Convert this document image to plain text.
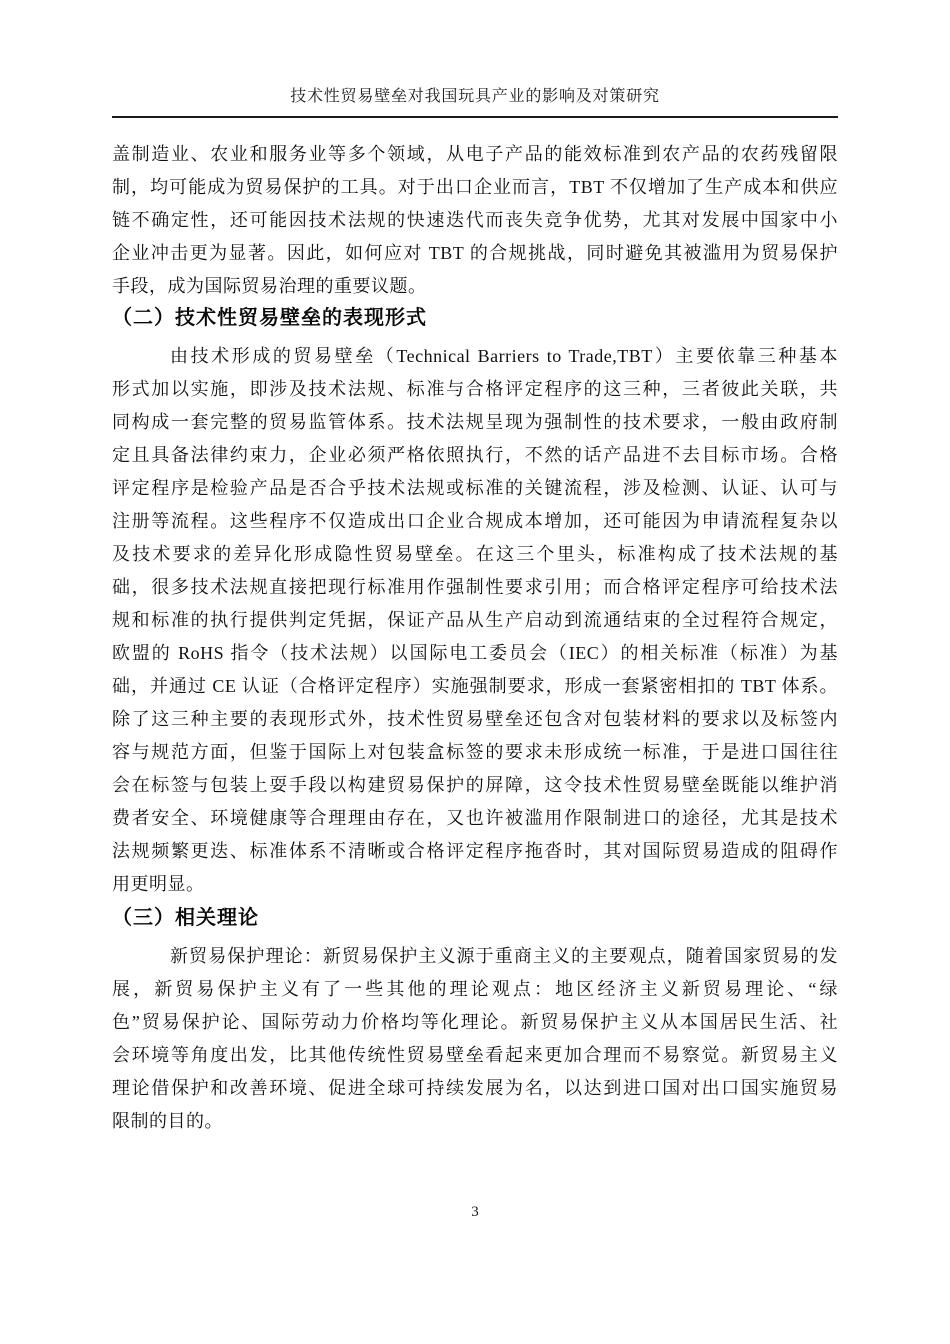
技术性贸易壁垒对我国玩具产业的影响及对策研究
盖制造业、农业和服务业等多个领域，从电子产品的能效标准到农产品的农药残留限
制，均可能成为贸易保护的工具。对于出口企业而言，TBT 不仅增加了生产成本和供应
链不确定性，还可能因技术法规的快速迭代而丧失竞争优势，尤其对发展中国家中小
企业冲击更为显著。因此，如何应对 TBT 的合规挑战，同时避免其被滥用为贸易保护
手段，成为国际贸易治理的重要议题。
（二）技术性贸易壁垒的表现形式
由技术形成的贸易壁垒（Technical Barriers to Trade,TBT）主要依靠三种基本
形式加以实施，即涉及技术法规、标准与合格评定程序的这三种，三者彼此关联，共
同构成一套完整的贸易监管体系。技术法规呈现为强制性的技术要求，一般由政府制
定且具备法律约束力，企业必须严格依照执行，不然的话产品进不去目标市场。合格
评定程序是检验产品是否合乎技术法规或标准的关键流程，涉及检测、认证、认可与
注册等流程。这些程序不仅造成出口企业合规成本增加，还可能因为申请流程复杂以
及技术要求的差异化形成隐性贸易壁垒。在这三个里头，标准构成了技术法规的基
础，很多技术法规直接把现行标准用作强制性要求引用；而合格评定程序可给技术法
规和标准的执行提供判定凭据，保证产品从生产启动到流通结束的全过程符合规定，
欧盟的 RoHS 指令（技术法规）以国际电工委员会（IEC）的相关标准（标准）为基
础，并通过 CE 认证（合格评定程序）实施强制要求，形成一套紧密相扣的 TBT 体系。
除了这三种主要的表现形式外，技术性贸易壁垒还包含对包装材料的要求以及标签内
容与规范方面，但鉴于国际上对包装盒标签的要求未形成统一标准，于是进口国往往
会在标签与包装上耍手段以构建贸易保护的屏障，这令技术性贸易壁垒既能以维护消
费者安全、环境健康等合理理由存在，又也许被滥用作限制进口的途径，尤其是技术
法规频繁更迭、标准体系不清晰或合格评定程序拖沓时，其对国际贸易造成的阻碍作
用更明显。
（三）相关理论
新贸易保护理论：新贸易保护主义源于重商主义的主要观点，随着国家贸易的发
展，新贸易保护主义有了一些其他的理论观点：地区经济主义新贸易理论、“绿
色”贸易保护论、国际劳动力价格均等化理论。新贸易保护主义从本国居民生活、社
会环境等角度出发，比其他传统性贸易壁垒看起来更加合理而不易察觉。新贸易主义
理论借保护和改善环境、促进全球可持续发展为名，以达到进口国对出口国实施贸易
限制的目的。
3
